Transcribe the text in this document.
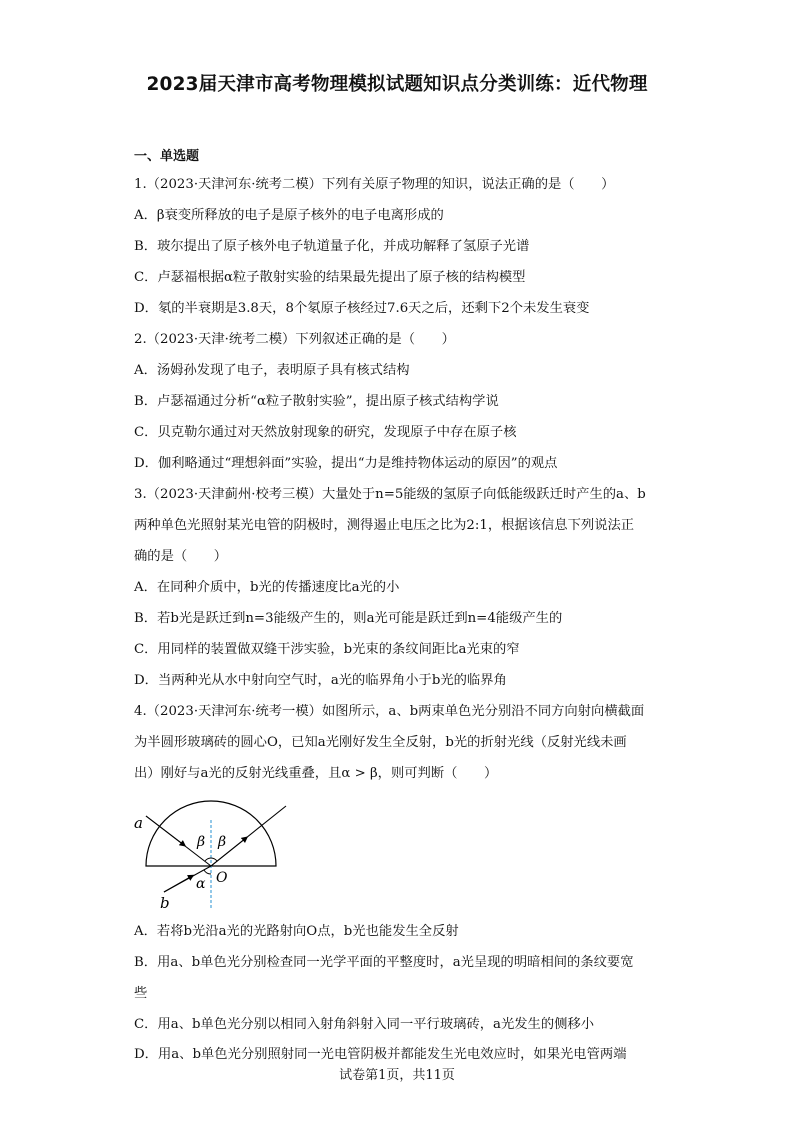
2023届天津市高考物理模拟试题知识点分类训练：近代物理
一、单选题
1.（2023·天津河东·统考二模）下列有关原子物理的知识，说法正确的是（　　）
A．β衰变所释放的电子是原子核外的电子电离形成的
B．玻尔提出了原子核外电子轨道量子化，并成功解释了氢原子光谱
C．卢瑟福根据α粒子散射实验的结果最先提出了原子核的结构模型
D．氡的半衰期是3.8天，8个氡原子核经过7.6天之后，还剩下2个未发生衰变
2.（2023·天津·统考二模）下列叙述正确的是（　　）
A．汤姆孙发现了电子，表明原子具有核式结构
B．卢瑟福通过分析“α粒子散射实验”，提出原子核式结构学说
C．贝克勒尔通过对天然放射现象的研究，发现原子中存在原子核
D．伽利略通过“理想斜面”实验，提出“力是维持物体运动的原因”的观点
3.（2023·天津蓟州·校考三模）大量处于n=5能级的氢原子向低能级跃迁时产生的a、b
两种单色光照射某光电管的阴极时，测得遏止电压之比为2:1，根据该信息下列说法正
确的是（　　）
A．在同种介质中，b光的传播速度比a光的小
B．若b光是跃迁到n=3能级产生的，则a光可能是跃迁到n=4能级产生的
C．用同样的装置做双缝干涉实验，b光束的条纹间距比a光束的窄
D．当两种光从水中射向空气时，a光的临界角小于b光的临界角
4.（2023·天津河东·统考一模）如图所示，a、b两束单色光分别沿不同方向射向横截面
为半圆形玻璃砖的圆心O，已知a光刚好发生全反射，b光的折射光线（反射光线未画
出）刚好与a光的反射光线重叠，且α > β，则可判断（　　）
a
b
O
β β
α
A．若将b光沿a光的光路射向O点，b光也能发生全反射
B．用a、b单色光分别检查同一光学平面的平整度时，a光呈现的明暗相间的条纹要宽
些
C．用a、b单色光分别以相同入射角斜射入同一平行玻璃砖，a光发生的侧移小
D．用a、b单色光分别照射同一光电管阴极并都能发生光电效应时，如果光电管两端
试卷第1页，共11页
